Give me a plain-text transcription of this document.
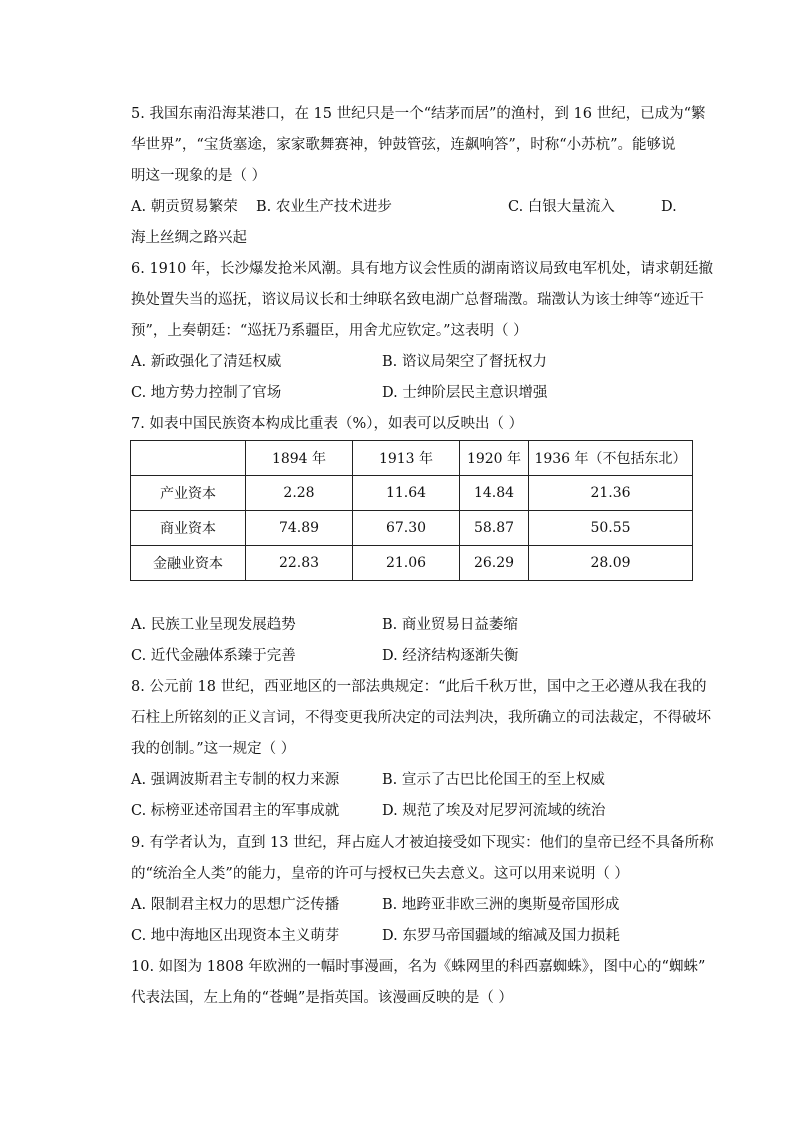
5. 我国东南沿海某港口，在 15 世纪只是一个“结茅而居”的渔村，到 16 世纪，已成为“繁
华世界”，“宝货塞途，家家歌舞赛神，钟鼓管弦，连飙响答”，时称“小苏杭”。能够说
明这一现象的是（ ）
A. 朝贡贸易繁荣 B. 农业生产技术进步	C. 白银大量流入	D.
海上丝绸之路兴起
6. 1910 年，长沙爆发抢米风潮。具有地方议会性质的湖南谘议局致电军机处，请求朝廷撤
换处置失当的巡抚，谘议局议长和士绅联名致电湖广总督瑞澂。瑞澂认为该士绅等“迹近干
预”，上奏朝廷：“巡抚乃系疆臣，用舍尤应钦定。”这表明（ ）
A. 新政强化了清廷权威	B. 谘议局架空了督抚权力
C. 地方势力控制了官场	D. 士绅阶层民主意识增强
7. 如表中国民族资本构成比重表（%），如表可以反映出（ ）
	1894 年	1913 年	1920 年	1936 年（不包括东北）
产业资本	2.28	11.64	14.84	21.36
商业资本	74.89	67.30	58.87	50.55
金融业资本	22.83	21.06	26.29	28.09
A. 民族工业呈现发展趋势	B. 商业贸易日益萎缩
C. 近代金融体系臻于完善	D. 经济结构逐渐失衡
8. 公元前 18 世纪，西亚地区的一部法典规定：“此后千秋万世，国中之王必遵从我在我的
石柱上所铭刻的正义言词，不得变更我所决定的司法判决，我所确立的司法裁定，不得破坏
我的创制。”这一规定（ ）
A. 强调波斯君主专制的权力来源	B. 宣示了古巴比伦国王的至上权威
C. 标榜亚述帝国君主的军事成就	D. 规范了埃及对尼罗河流域的统治
9. 有学者认为，直到 13 世纪，拜占庭人才被迫接受如下现实：他们的皇帝已经不具备所称
的“统治全人类”的能力，皇帝的许可与授权已失去意义。这可以用来说明（ ）
A. 限制君主权力的思想广泛传播	B. 地跨亚非欧三洲的奥斯曼帝国形成
C. 地中海地区出现资本主义萌芽	D. 东罗马帝国疆域的缩减及国力损耗
10. 如图为 1808 年欧洲的一幅时事漫画，名为《蛛网里的科西嘉蜘蛛》，图中心的“蜘蛛”
代表法国，左上角的“苍蝇”是指英国。该漫画反映的是（ ）
